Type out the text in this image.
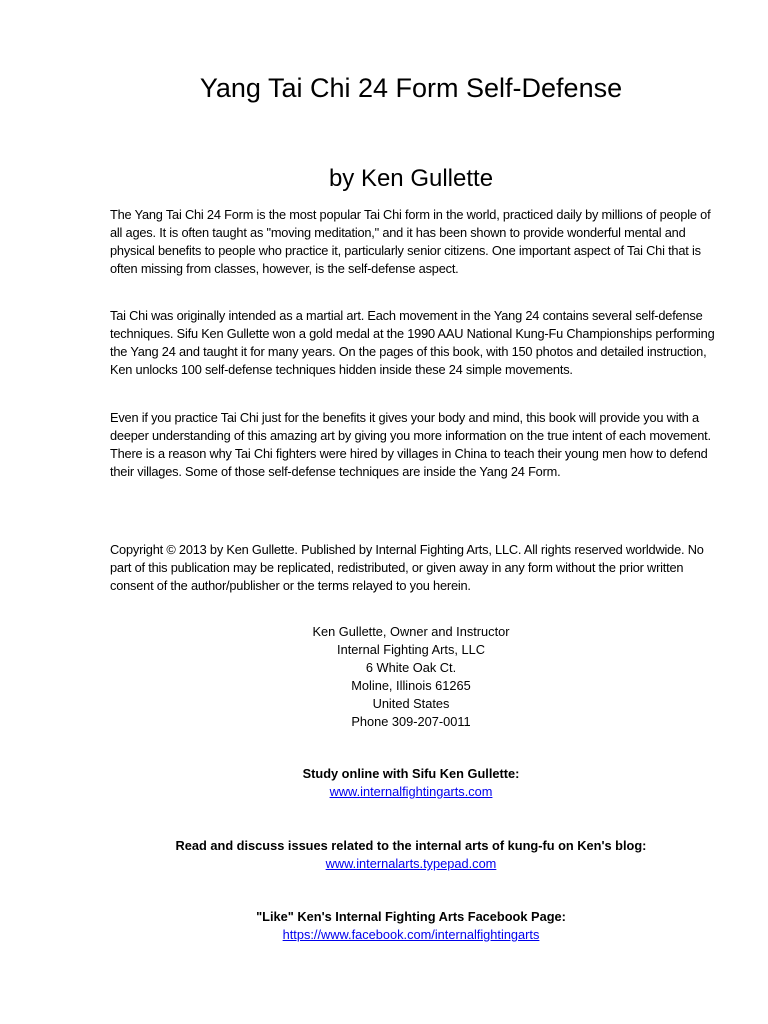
Yang Tai Chi 24 Form Self-Defense
by Ken Gullette

The Yang Tai Chi 24 Form is the most popular Tai Chi form in the world, practiced daily by millions of people of all ages. It is often taught as "moving meditation," and it has been shown to provide wonderful mental and physical benefits to people who practice it, particularly senior citizens. One important aspect of Tai Chi that is often missing from classes, however, is the self-defense aspect.

Tai Chi was originally intended as a martial art. Each movement in the Yang 24 contains several self-defense techniques. Sifu Ken Gullette won a gold medal at the 1990 AAU National Kung-Fu Championships performing the Yang 24 and taught it for many years. On the pages of this book, with 150 photos and detailed instruction, Ken unlocks 100 self-defense techniques hidden inside these 24 simple movements.

Even if you practice Tai Chi just for the benefits it gives your body and mind, this book will provide you with a deeper understanding of this amazing art by giving you more information on the true intent of each movement. There is a reason why Tai Chi fighters were hired by villages in China to teach their young men how to defend their villages. Some of those self-defense techniques are inside the Yang 24 Form.

Copyright © 2013 by Ken Gullette. Published by Internal Fighting Arts, LLC. All rights reserved worldwide. No part of this publication may be replicated, redistributed, or given away in any form without the prior written consent of the author/publisher or the terms relayed to you herein.

Ken Gullette, Owner and Instructor
Internal Fighting Arts, LLC
6 White Oak Ct.
Moline, Illinois 61265
United States
Phone 309-207-0011
Study online with Sifu Ken Gullette:
www.internalfightingarts.com
Read and discuss issues related to the internal arts of kung-fu on Ken's blog:
www.internalarts.typepad.com
"Like" Ken's Internal Fighting Arts Facebook Page:
https://www.facebook.com/internalfightingarts
